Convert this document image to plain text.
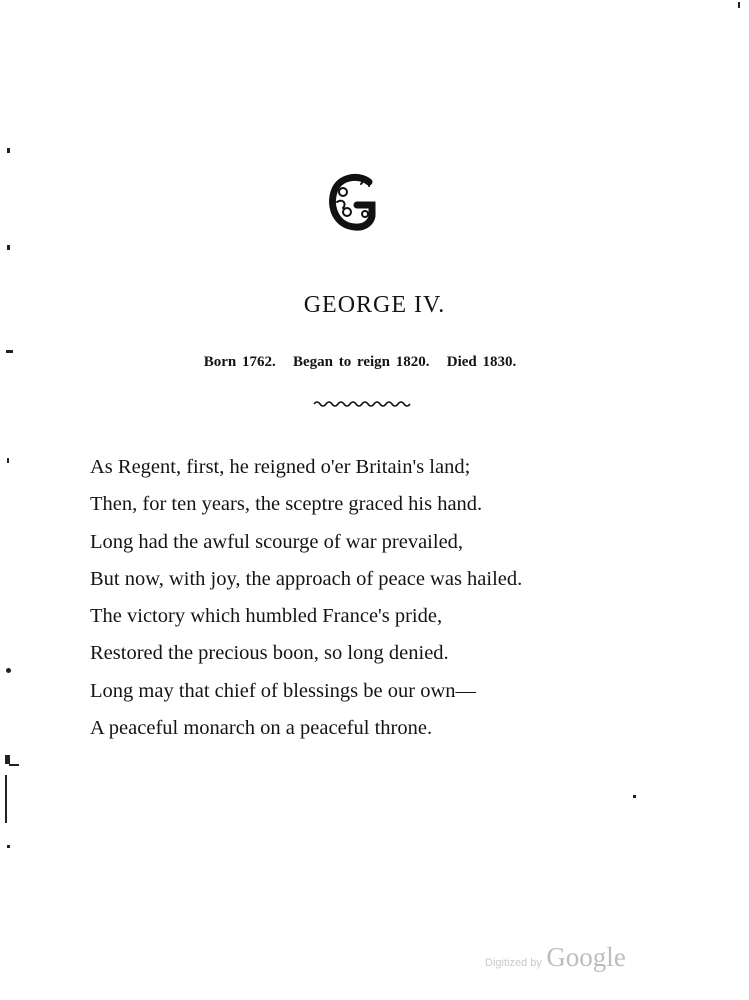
GEORGE IV.
Born 1762.   Began to reign 1820.   Died 1830.
As Regent, first, he reigned o'er Britain's land;
Then, for ten years, the sceptre graced his hand.
Long had the awful scourge of war prevailed,
But now, with joy, the approach of peace was hailed.
The victory which humbled France's pride,
Restored the precious boon, so long denied.
Long may that chief of blessings be our own—
A peaceful monarch on a peaceful throne.
Digitized by Google
